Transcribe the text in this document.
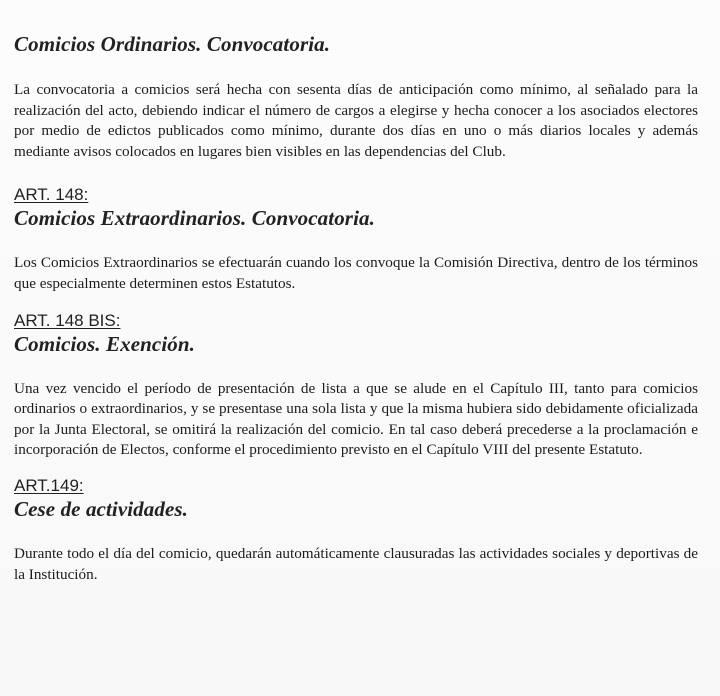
Comicios Ordinarios. Convocatoria.

La convocatoria a comicios será hecha con sesenta días de anticipación como mínimo, al señalado para la realización del acto, debiendo indicar el número de cargos a elegirse y hecha conocer a los asociados electores por medio de edictos publicados como mínimo, durante dos días en uno o más diarios locales y además mediante avisos colocados en lugares bien visibles en las dependencias del Club.

ART. 148:
Comicios Extraordinarios. Convocatoria.

Los Comicios Extraordinarios se efectuarán cuando los convoque la Comisión Directiva, dentro de los términos que especialmente determinen estos Estatutos.

ART. 148 BIS:
Comicios. Exención.

Una vez vencido el período de presentación de lista a que se alude en el Capítulo III, tanto para comicios ordinarios o extraordinarios, y se presentase una sola lista y que la misma hubiera sido debidamente oficializada por la Junta Electoral, se omitirá la realización del comicio. En tal caso deberá precederse a la proclamación e incorporación de Electos, conforme el procedimiento previsto en el Capítulo VIII del presente Estatuto.

ART.149:
Cese de actividades.

Durante todo el día del comicio, quedarán automáticamente clausuradas las actividades sociales y deportivas de la Institución.
